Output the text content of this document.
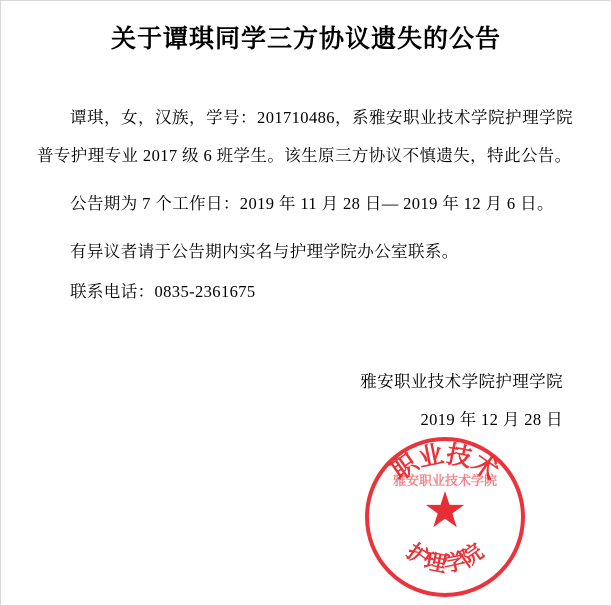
关于谭琪同学三方协议遗失的公告

谭琪，女，汉族，学号：201710486，系雅安职业技术学院护理学院普专护理专业 2017 级 6 班学生。该生原三方协议不慎遗失，特此公告。

公告期为 7 个工作日：2019 年 11 月 28 日— 2019 年 12 月 6 日。

有异议者请于公告期内实名与护理学院办公室联系。

联系电话：0835-2361675

雅安职业技术学院护理学院
2019 年 12 月 28 日
职业技术
护理学院
雅安职业技术学院
